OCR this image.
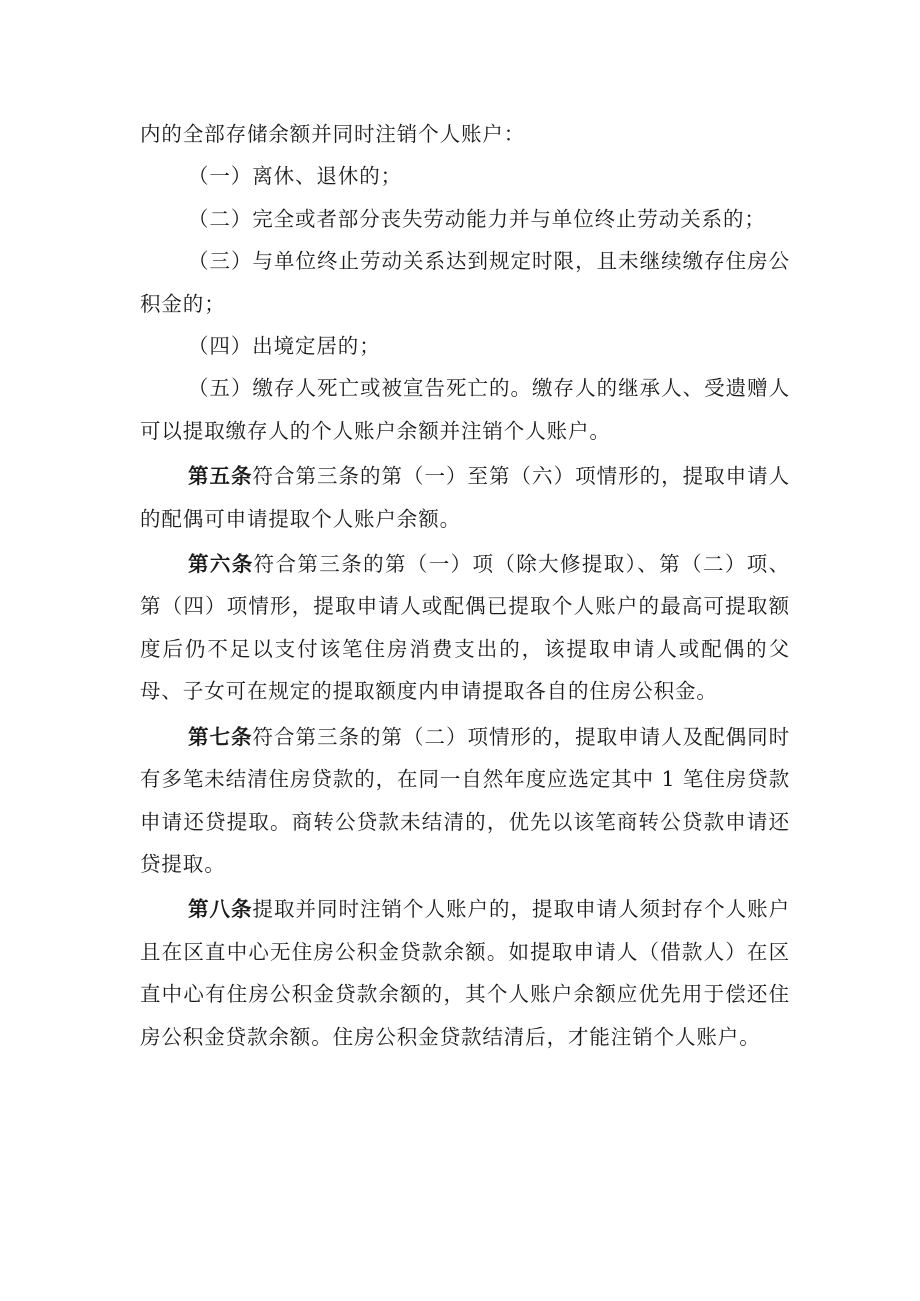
内的全部存储余额并同时注销个人账户：

（一）离休、退休的；

（二）完全或者部分丧失劳动能力并与单位终止劳动关系的；

（三）与单位终止劳动关系达到规定时限，且未继续缴存住房公积金的；

（四）出境定居的；

（五）缴存人死亡或被宣告死亡的。缴存人的继承人、受遗赠人可以提取缴存人的个人账户余额并注销个人账户。

第五条符合第三条的第（一）至第（六）项情形的，提取申请人的配偶可申请提取个人账户余额。

第六条符合第三条的第（一）项（除大修提取）、第（二）项、第（四）项情形，提取申请人或配偶已提取个人账户的最高可提取额度后仍不足以支付该笔住房消费支出的，该提取申请人或配偶的父母、子女可在规定的提取额度内申请提取各自的住房公积金。

第七条符合第三条的第（二）项情形的，提取申请人及配偶同时有多笔未结清住房贷款的，在同一自然年度应选定其中 1 笔住房贷款申请还贷提取。商转公贷款未结清的，优先以该笔商转公贷款申请还贷提取。

第八条提取并同时注销个人账户的，提取申请人须封存个人账户且在区直中心无住房公积金贷款余额。如提取申请人（借款人）在区直中心有住房公积金贷款余额的，其个人账户余额应优先用于偿还住房公积金贷款余额。住房公积金贷款结清后，才能注销个人账户。
